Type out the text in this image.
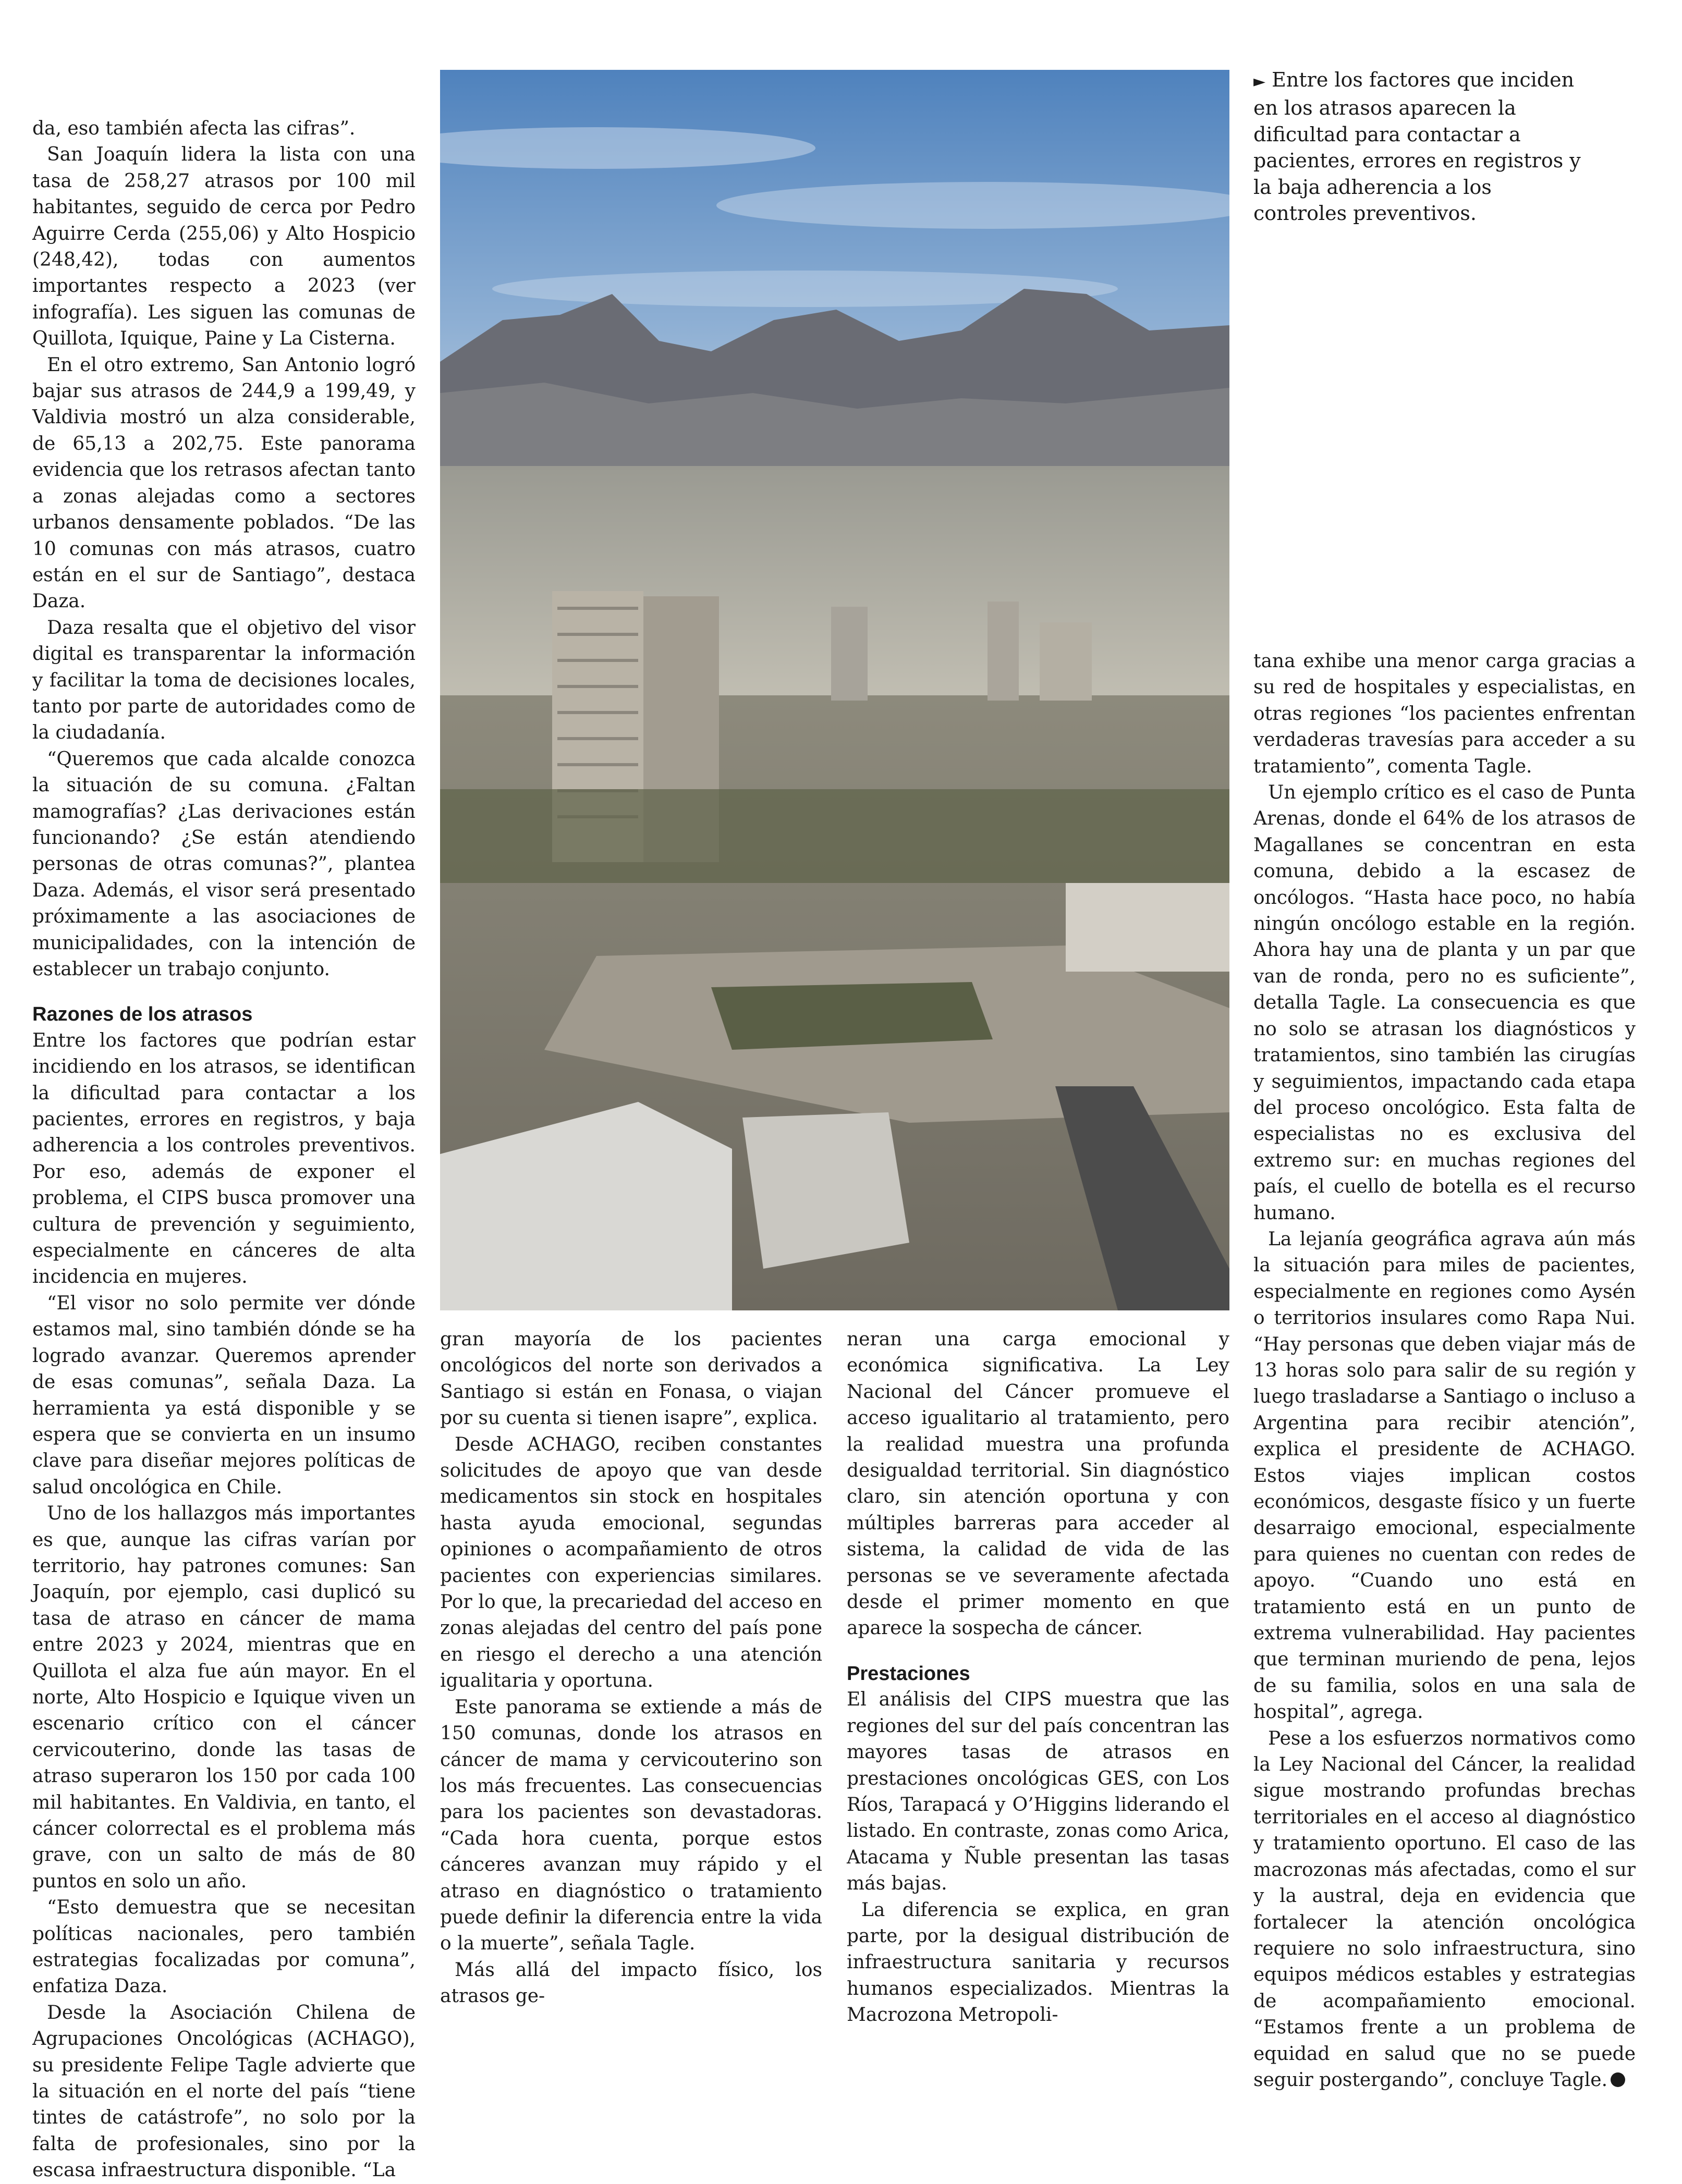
► Entre los factores que inciden en los atrasos aparecen la dificultad para contactar a pacientes, errores en registros y la baja adherencia a los controles preventivos.

da, eso también afecta las cifras”.

San Joaquín lidera la lista con una tasa de 258,27 atrasos por 100 mil habitantes, seguido de cerca por Pedro Aguirre Cerda (255,06) y Alto Hospicio (248,42), todas con aumentos importantes respecto a 2023 (ver infografía). Les siguen las comunas de Quillota, Iquique, Paine y La Cisterna.

En el otro extremo, San Antonio logró bajar sus atrasos de 244,9 a 199,49, y Valdivia mostró un alza considerable, de 65,13 a 202,75. Este panorama evidencia que los retrasos afectan tanto a zonas alejadas como a sectores urbanos densamente poblados. “De las 10 comunas con más atrasos, cuatro están en el sur de Santiago”, destaca Daza.

Daza resalta que el objetivo del visor digital es transparentar la información y facilitar la toma de decisiones locales, tanto por parte de autoridades como de la ciudadanía.

“Queremos que cada alcalde conozca la situación de su comuna. ¿Faltan mamografías? ¿Las derivaciones están funcionando? ¿Se están atendiendo personas de otras comunas?”, plantea Daza. Además, el visor será presentado próximamente a las asociaciones de municipalidades, con la intención de establecer un trabajo conjunto.

Razones de los atrasos

Entre los factores que podrían estar incidiendo en los atrasos, se identifican la dificultad para contactar a los pacientes, errores en registros, y baja adherencia a los controles preventivos. Por eso, además de exponer el problema, el CIPS busca promover una cultura de prevención y seguimiento, especialmente en cánceres de alta incidencia en mujeres.

“El visor no solo permite ver dónde estamos mal, sino también dónde se ha logrado avanzar. Queremos aprender de esas comunas”, señala Daza. La herramienta ya está disponible y se espera que se convierta en un insumo clave para diseñar mejores políticas de salud oncológica en Chile.

Uno de los hallazgos más importantes es que, aunque las cifras varían por territorio, hay patrones comunes: San Joaquín, por ejemplo, casi duplicó su tasa de atraso en cáncer de mama entre 2023 y 2024, mientras que en Quillota el alza fue aún mayor. En el norte, Alto Hospicio e Iquique viven un escenario crítico con el cáncer cervicouterino, donde las tasas de atraso superaron los 150 por cada 100 mil habitantes. En Valdivia, en tanto, el cáncer colorrectal es el problema más grave, con un salto de más de 80 puntos en solo un año.

“Esto demuestra que se necesitan políticas nacionales, pero también estrategias focalizadas por comuna”, enfatiza Daza.

Desde la Asociación Chilena de Agrupaciones Oncológicas (ACHAGO), su presidente Felipe Tagle advierte que la situación en el norte del país “tiene tintes de catástrofe”, no solo por la falta de profesionales, sino por la escasa infraestructura disponible. “La

gran mayoría de los pacientes oncológicos del norte son derivados a Santiago si están en Fonasa, o viajan por su cuenta si tienen isapre”, explica.

Desde ACHAGO, reciben constantes solicitudes de apoyo que van desde medicamentos sin stock en hospitales hasta ayuda emocional, segundas opiniones o acompañamiento de otros pacientes con experiencias similares. Por lo que, la precariedad del acceso en zonas alejadas del centro del país pone en riesgo el derecho a una atención igualitaria y oportuna.

Este panorama se extiende a más de 150 comunas, donde los atrasos en cáncer de mama y cervicouterino son los más frecuentes. Las consecuencias para los pacientes son devastadoras. “Cada hora cuenta, porque estos cánceres avanzan muy rápido y el atraso en diagnóstico o tratamiento puede definir la diferencia entre la vida o la muerte”, señala Tagle.

Más allá del impacto físico, los atrasos ge-

neran una carga emocional y económica significativa. La Ley Nacional del Cáncer promueve el acceso igualitario al tratamiento, pero la realidad muestra una profunda desigualdad territorial. Sin diagnóstico claro, sin atención oportuna y con múltiples barreras para acceder al sistema, la calidad de vida de las personas se ve severamente afectada desde el primer momento en que aparece la sospecha de cáncer.

Prestaciones

El análisis del CIPS muestra que las regiones del sur del país concentran las mayores tasas de atrasos en prestaciones oncológicas GES, con Los Ríos, Tarapacá y O’Higgins liderando el listado. En contraste, zonas como Arica, Atacama y Ñuble presentan las tasas más bajas.

La diferencia se explica, en gran parte, por la desigual distribución de infraestructura sanitaria y recursos humanos especializados. Mientras la Macrozona Metropoli-

tana exhibe una menor carga gracias a su red de hospitales y especialistas, en otras regiones “los pacientes enfrentan verdaderas travesías para acceder a su tratamiento”, comenta Tagle.

Un ejemplo crítico es el caso de Punta Arenas, donde el 64% de los atrasos de Magallanes se concentran en esta comuna, debido a la escasez de oncólogos. “Hasta hace poco, no había ningún oncólogo estable en la región. Ahora hay una de planta y un par que van de ronda, pero no es suficiente”, detalla Tagle. La consecuencia es que no solo se atrasan los diagnósticos y tratamientos, sino también las cirugías y seguimientos, impactando cada etapa del proceso oncológico. Esta falta de especialistas no es exclusiva del extremo sur: en muchas regiones del país, el cuello de botella es el recurso humano.

La lejanía geográfica agrava aún más la situación para miles de pacientes, especialmente en regiones como Aysén o territorios insulares como Rapa Nui. “Hay personas que deben viajar más de 13 horas solo para salir de su región y luego trasladarse a Santiago o incluso a Argentina para recibir atención”, explica el presidente de ACHAGO. Estos viajes implican costos económicos, desgaste físico y un fuerte desarraigo emocional, especialmente para quienes no cuentan con redes de apoyo. “Cuando uno está en tratamiento está en un punto de extrema vulnerabilidad. Hay pacientes que terminan muriendo de pena, lejos de su familia, solos en una sala de hospital”, agrega.

Pese a los esfuerzos normativos como la Ley Nacional del Cáncer, la realidad sigue mostrando profundas brechas territoriales en el acceso al diagnóstico y tratamiento oportuno. El caso de las macrozonas más afectadas, como el sur y la austral, deja en evidencia que fortalecer la atención oncológica requiere no solo infraestructura, sino equipos médicos estables y estrategias de acompañamiento emocional. “Estamos frente a un problema de equidad en salud que no se puede seguir postergando”, concluye Tagle.
